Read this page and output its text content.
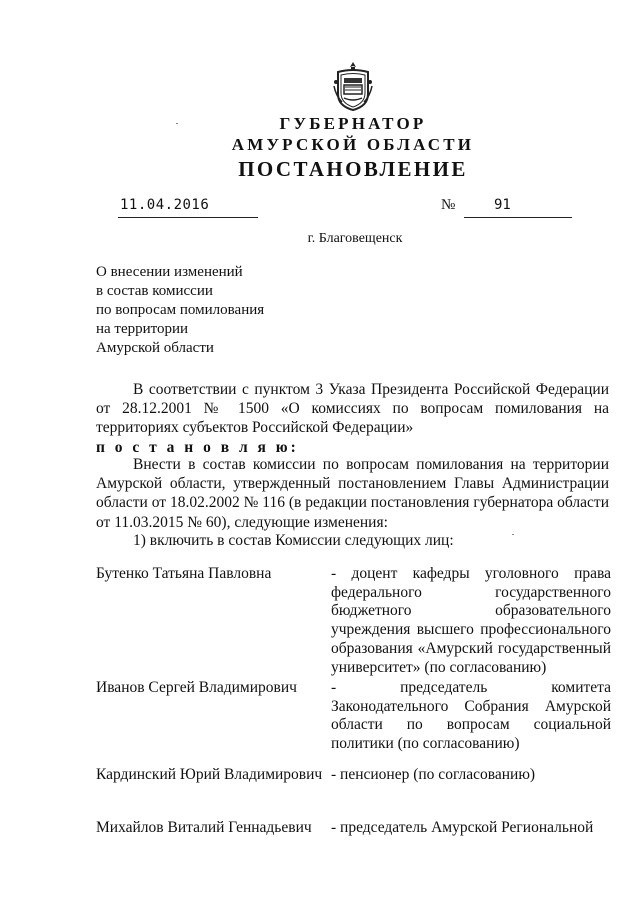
ГУБЕРНАТОР
АМУРСКОЙ ОБЛАСТИ
ПОСТАНОВЛЕНИЕ
11.04.2016	№	91
г. Благовещенск
О внесении изменений
в состав комиссии
по вопросам помилования
на территории
Амурской области
В соответствии с пунктом 3 Указа Президента Российской Федерации от 28.12.2001 № 1500 «О комиссиях по вопросам помилования на территориях субъектов Российской Федерации»
п о с т а н о в л я ю:
Внести в состав комиссии по вопросам помилования на территории Амурской области, утвержденный постановлением Главы Администрации области от 18.02.2002 № 116 (в редакции постановления губернатора области от 11.03.2015 № 60), следующие изменения:
1) включить в состав Комиссии следующих лиц:
Бутенко Татьяна Павловна	- доцент кафедры уголовного права федерального государственного бюджетного образовательного учреждения высшего профессионального образования «Амурский государственный университет» (по согласованию)
Иванов Сергей Владимирович - председатель комитета Законодательного Собрания Амурской области по вопросам социальной политики (по согласованию)
Кардинский Юрий Владимирович - пенсионер (по согласованию)
Михайлов Виталий Геннадьевич - председатель Амурской Региональной
